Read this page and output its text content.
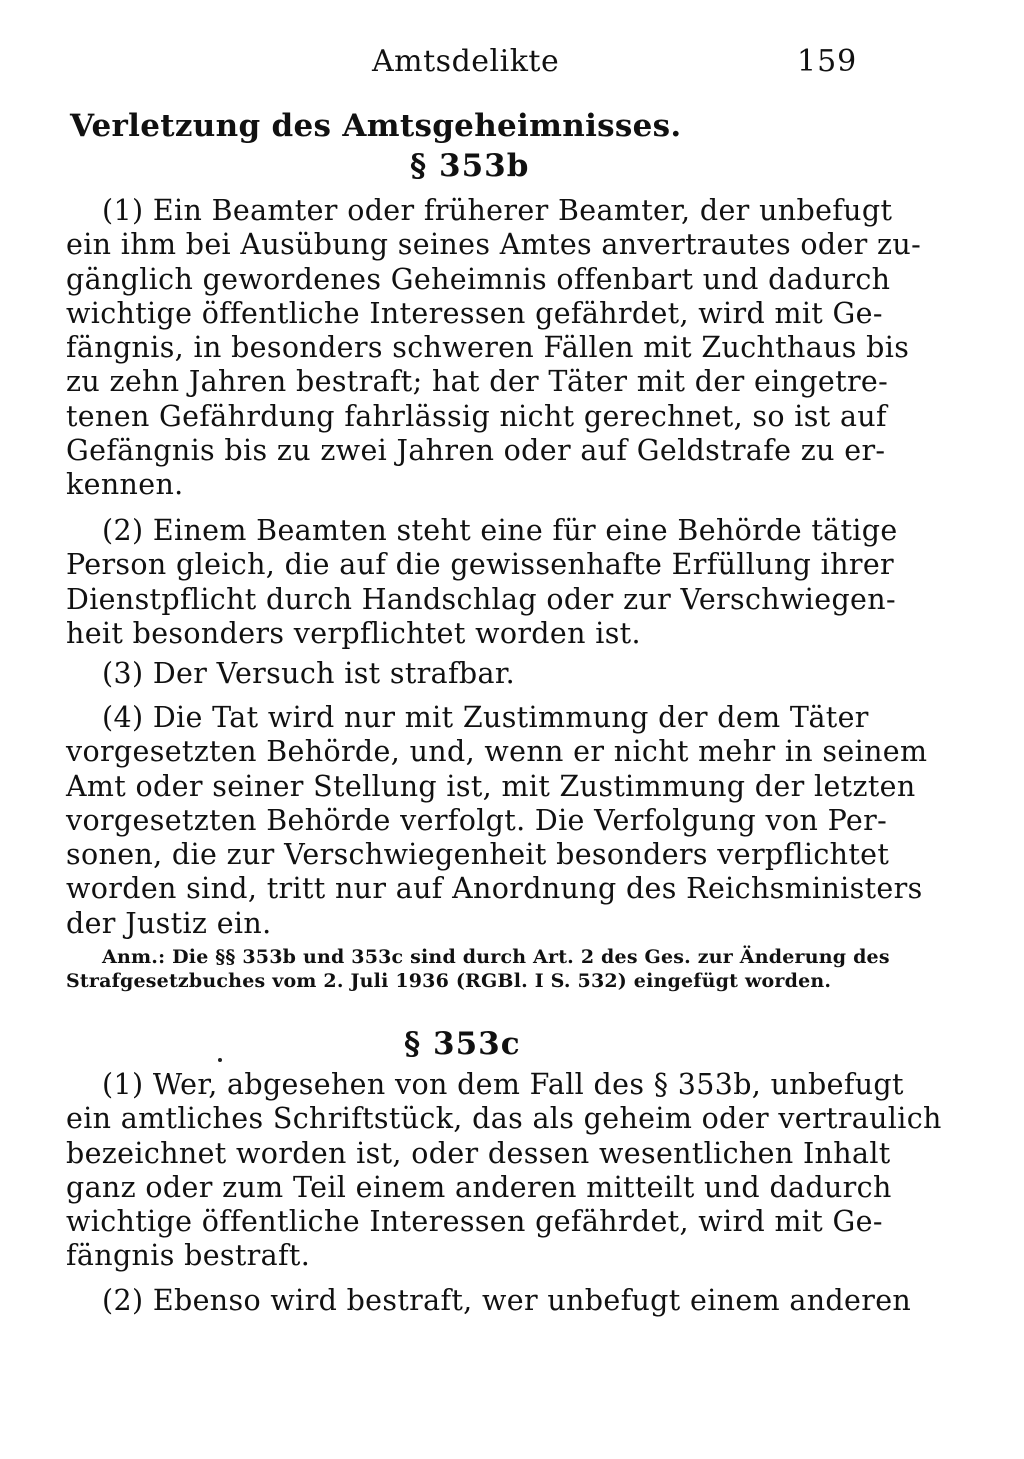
Amtsdelikte	159
Verletzung des Amtsgeheimnisses.
§ 353b
(1) Ein Beamter oder früherer Beamter, der unbefugt
ein ihm bei Ausübung seines Amtes anvertrautes oder zu-
gänglich gewordenes Geheimnis offenbart und dadurch
wichtige öffentliche Interessen gefährdet, wird mit Ge-
fängnis, in besonders schweren Fällen mit Zuchthaus bis
zu zehn Jahren bestraft; hat der Täter mit der eingetre-
tenen Gefährdung fahrlässig nicht gerechnet, so ist auf
Gefängnis bis zu zwei Jahren oder auf Geldstrafe zu er-
kennen.
(2) Einem Beamten steht eine für eine Behörde tätige
Person gleich, die auf die gewissenhafte Erfüllung ihrer
Dienstpflicht durch Handschlag oder zur Verschwiegen-
heit besonders verpflichtet worden ist.
(3) Der Versuch ist strafbar.
(4) Die Tat wird nur mit Zustimmung der dem Täter
vorgesetzten Behörde, und, wenn er nicht mehr in seinem
Amt oder seiner Stellung ist, mit Zustimmung der letzten
vorgesetzten Behörde verfolgt. Die Verfolgung von Per-
sonen, die zur Verschwiegenheit besonders verpflichtet
worden sind, tritt nur auf Anordnung des Reichsministers
der Justiz ein.
Anm.: Die §§ 353b und 353c sind durch Art. 2 des Ges. zur Änderung des
Strafgesetzbuches vom 2. Juli 1936 (RGBl. I S. 532) eingefügt worden.
§ 353c
(1) Wer, abgesehen von dem Fall des § 353b, unbefugt
ein amtliches Schriftstück, das als geheim oder vertraulich
bezeichnet worden ist, oder dessen wesentlichen Inhalt
ganz oder zum Teil einem anderen mitteilt und dadurch
wichtige öffentliche Interessen gefährdet, wird mit Ge-
fängnis bestraft.
(2) Ebenso wird bestraft, wer unbefugt einem anderen
